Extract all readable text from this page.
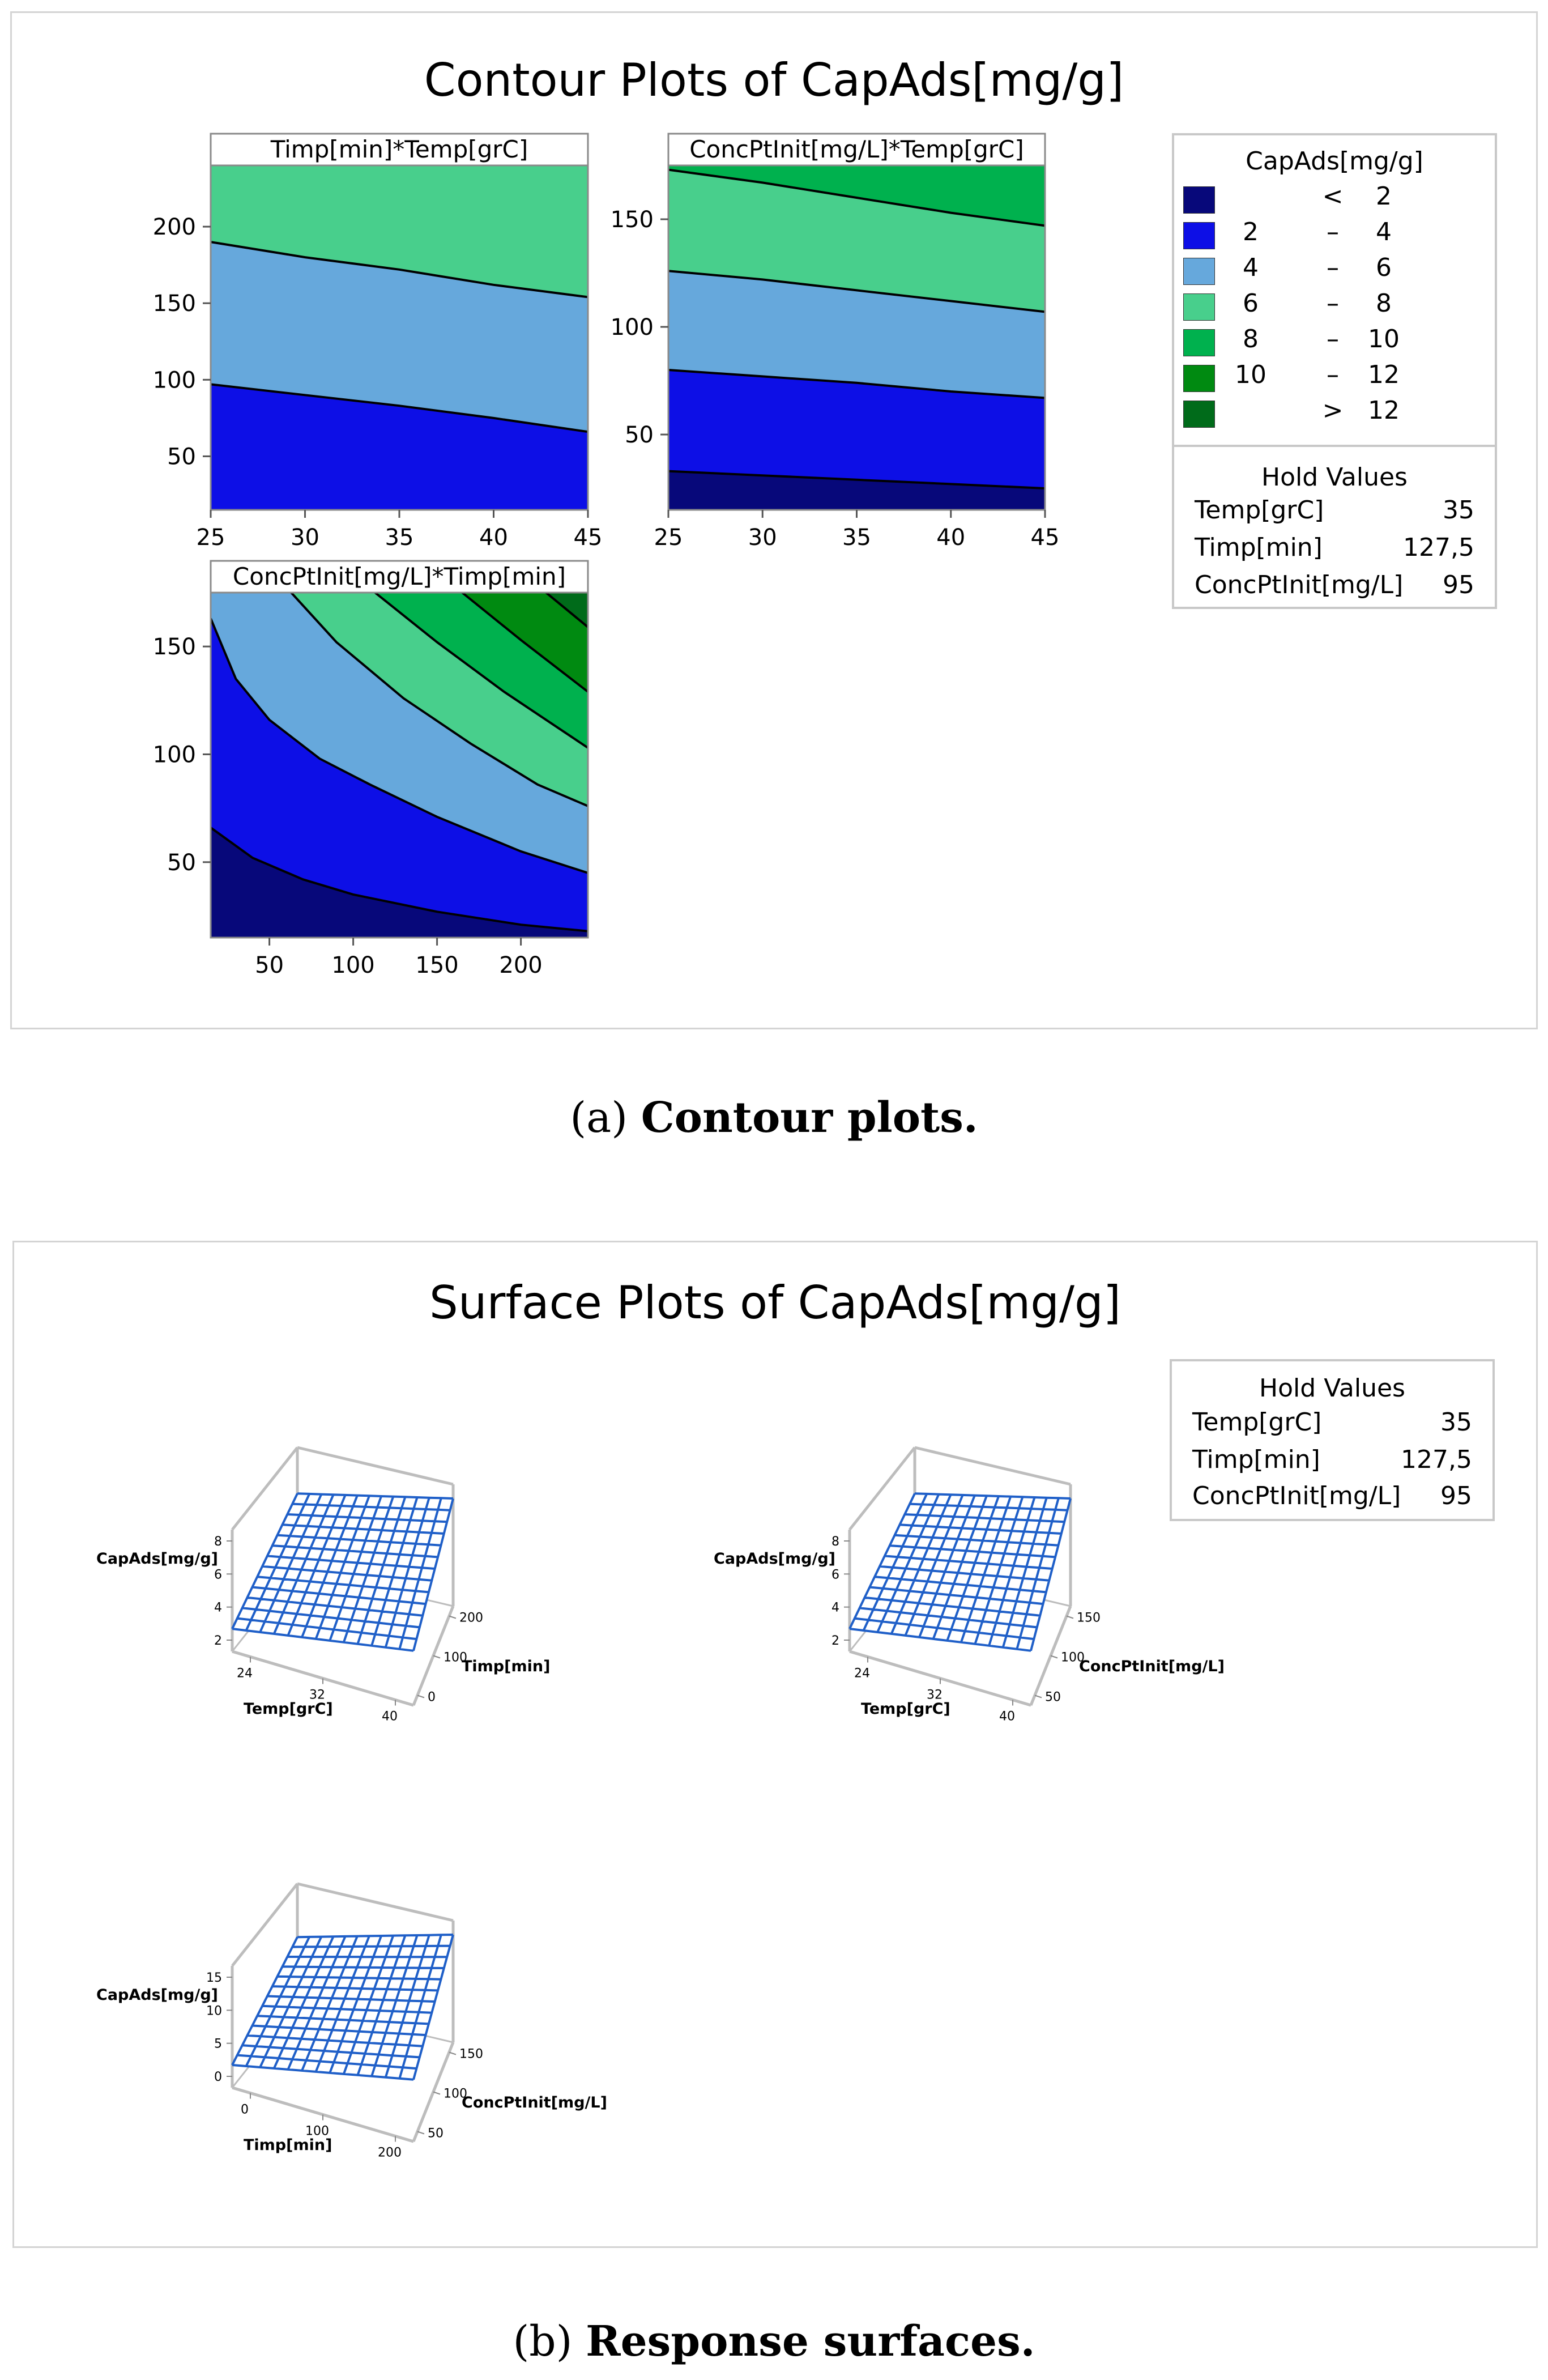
Contour Plots of CapAds[mg/g]
CapAds[mg/g]
<	2
2	–	4
4	–	6
6	–	8
8	–	10
10	–	12
> 12
Hold Values
Temp[grC]	35
Timp[min]	127,5
ConcPtInit[mg/L] 95
Timp[min]*Temp[grC]
25	30	35	40	45
50
100
150
200
ConcPtInit[mg/L]*Temp[grC]
25	30	35	40	45
50
100
150
ConcPtInit[mg/L]*Timp[min]
50 100 150 200
50
100
150
(a) Contour plots.
Surface Plots of CapAds[mg/g]
Hold Values
Temp[grC]	35
Timp[min]	127,5
ConcPtInit[mg/L] 95
2
4
6
8
CapAds[mg/g]
24
32
40
Temp[grC]
0
100
200
Timp[min]
2
4
6
8
CapAds[mg/g]
24
32
40
Temp[grC]
50
100
150
ConcPtInit[mg/L]
0
5
10
15
CapAds[mg/g]
0
100
200
Timp[min]
50
100
150
ConcPtInit[mg/L]
(b) Response surfaces.
